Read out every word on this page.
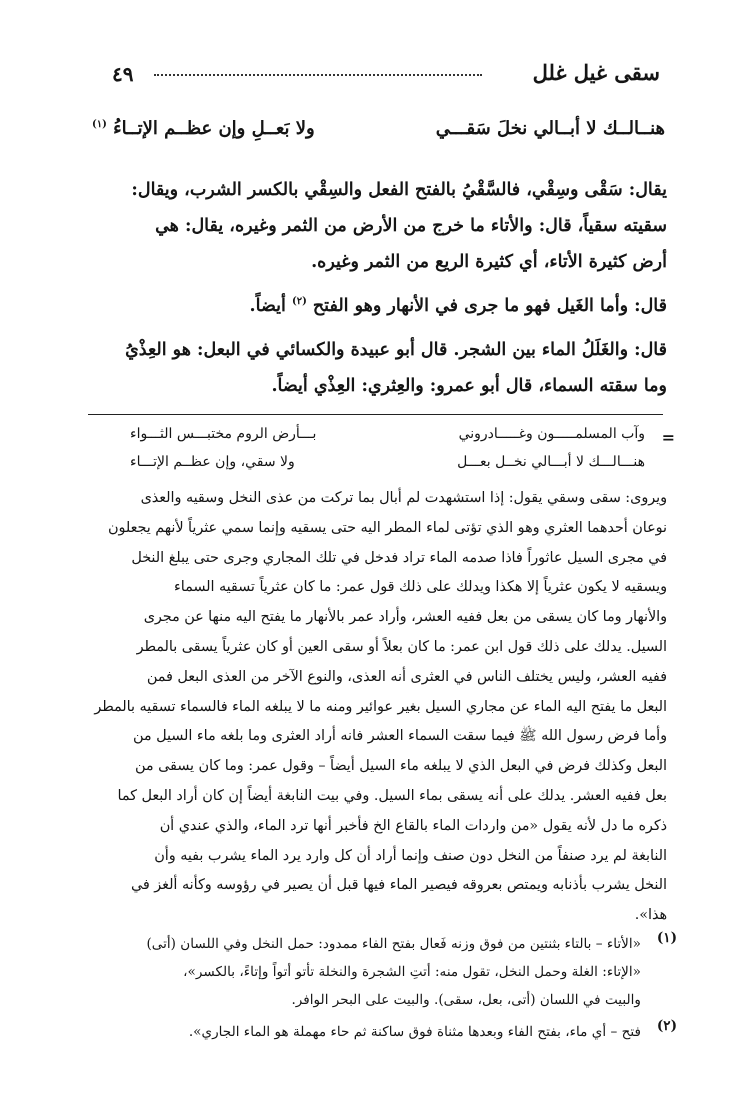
سقى غيل غلل
٤٩
هنــالــك لا أبــالي نخلَ سَقـــي
ولا بَعــلِ وإن عظــم الإتــاءُ $^{(١)}$
يقال: سَقْى وسِقْي، فالسَّقْيُ بالفتح الفعل والسِقْي بالكسر الشرب، ويقال:
سقيته سقياً، قال: والأتاء ما خرج من الأرض من الثمر وغيره، يقال: هي
أرض كثيرة الأتاء، أي كثيرة الريع من الثمر وغيره.
قال: وأما الغَيل فهو ما جرى في الأنهار وهو الفتح $^{(٢)}$ أيضاً.
قال: والغَلَلُ الماء بين الشجر. قال أبو عبيدة والكسائي في البعل: هو العِذْيُ
وما سقته السماء، قال أبو عمرو: والعِثري: العِذْي أيضاً.
=
وآب المسلمـــــون وغـــــادروني
بـــأرض الروم مختبـــس الثـــواء
هنـــالـــك لا أبـــالي نخــل بعـــل
ولا سقي، وإن عظــم الإتـــاء
ويروى: سقى وسقي يقول: إذا استشهدت لم أبال بما تركت من عذى النخل وسقيه والعذى
نوعان أحدهما العثري وهو الذي تؤتى لماء المطر اليه حتى يسقيه وإنما سمي عثرياً لأنهم يجعلون
في مجرى السيل عاثوراً فاذا صدمه الماء تراد فدخل في تلك المجاري وجرى حتى يبلغ النخل
ويسقيه لا يكون عثرياً إلا هكذا ويدلك على ذلك قول عمر: ما كان عثرياً تسقيه السماء
والأنهار وما كان يسقى من بعل ففيه العشر، وأراد عمر بالأنهار ما يفتح اليه منها عن مجرى
السيل. يدلك على ذلك قول ابن عمر: ما كان بعلاً أو سقى العين أو كان عثرياً يسقى بالمطر
ففيه العشر، وليس يختلف الناس في العثرى أنه العذى، والنوع الآخر من العذى البعل فمن
البعل ما يفتح اليه الماء عن مجاري السيل بغير عوائير ومنه ما لا يبلغه الماء فالسماء تسقيه بالمطر
وأما فرض رسول الله ﷺ فيما سقت السماء العشر فانه أراد العثرى وما بلغه ماء السيل من
البعل وكذلك فرض في البعل الذي لا يبلغه ماء السيل أيضاً – وقول عمر: وما كان يسقى من
بعل ففيه العشر. يدلك على أنه يسقى بماء السيل. وفي بيت النابغة أيضاً إن كان أراد البعل كما
ذكره ما دل لأنه يقول «من واردات الماء بالقاع الخ فأخبر أنها ترد الماء، والذي عندي أن
النابغة لم يرد صنفاً من النخل دون صنف وإنما أراد أن كل وارد يرد الماء يشرب بفيه وأن
النخل يشرب بأذنابه ويمتص بعروقه فيصير الماء فيها قبل أن يصير في رؤوسه وكأنه ألغز في
هذا».
(١)
«الأتاء – بالتاء بثنتين من فوق وزنه فَعال بفتح الفاء ممدود: حمل النخل وفي اللسان (أتى)
«الإتاء: الغلة وحمل النخل، تقول منه: أتتِ الشجرة والنخلة تأتو أتواً وإتاءً، بالكسر»،
والبيت في اللسان (أتى، بعل، سقى). والبيت على البحر الوافر.
(٢)
فتح – أي ماء، بفتح الفاء وبعدها مثناة فوق ساكنة ثم حاء مهملة هو الماء الجاري».
